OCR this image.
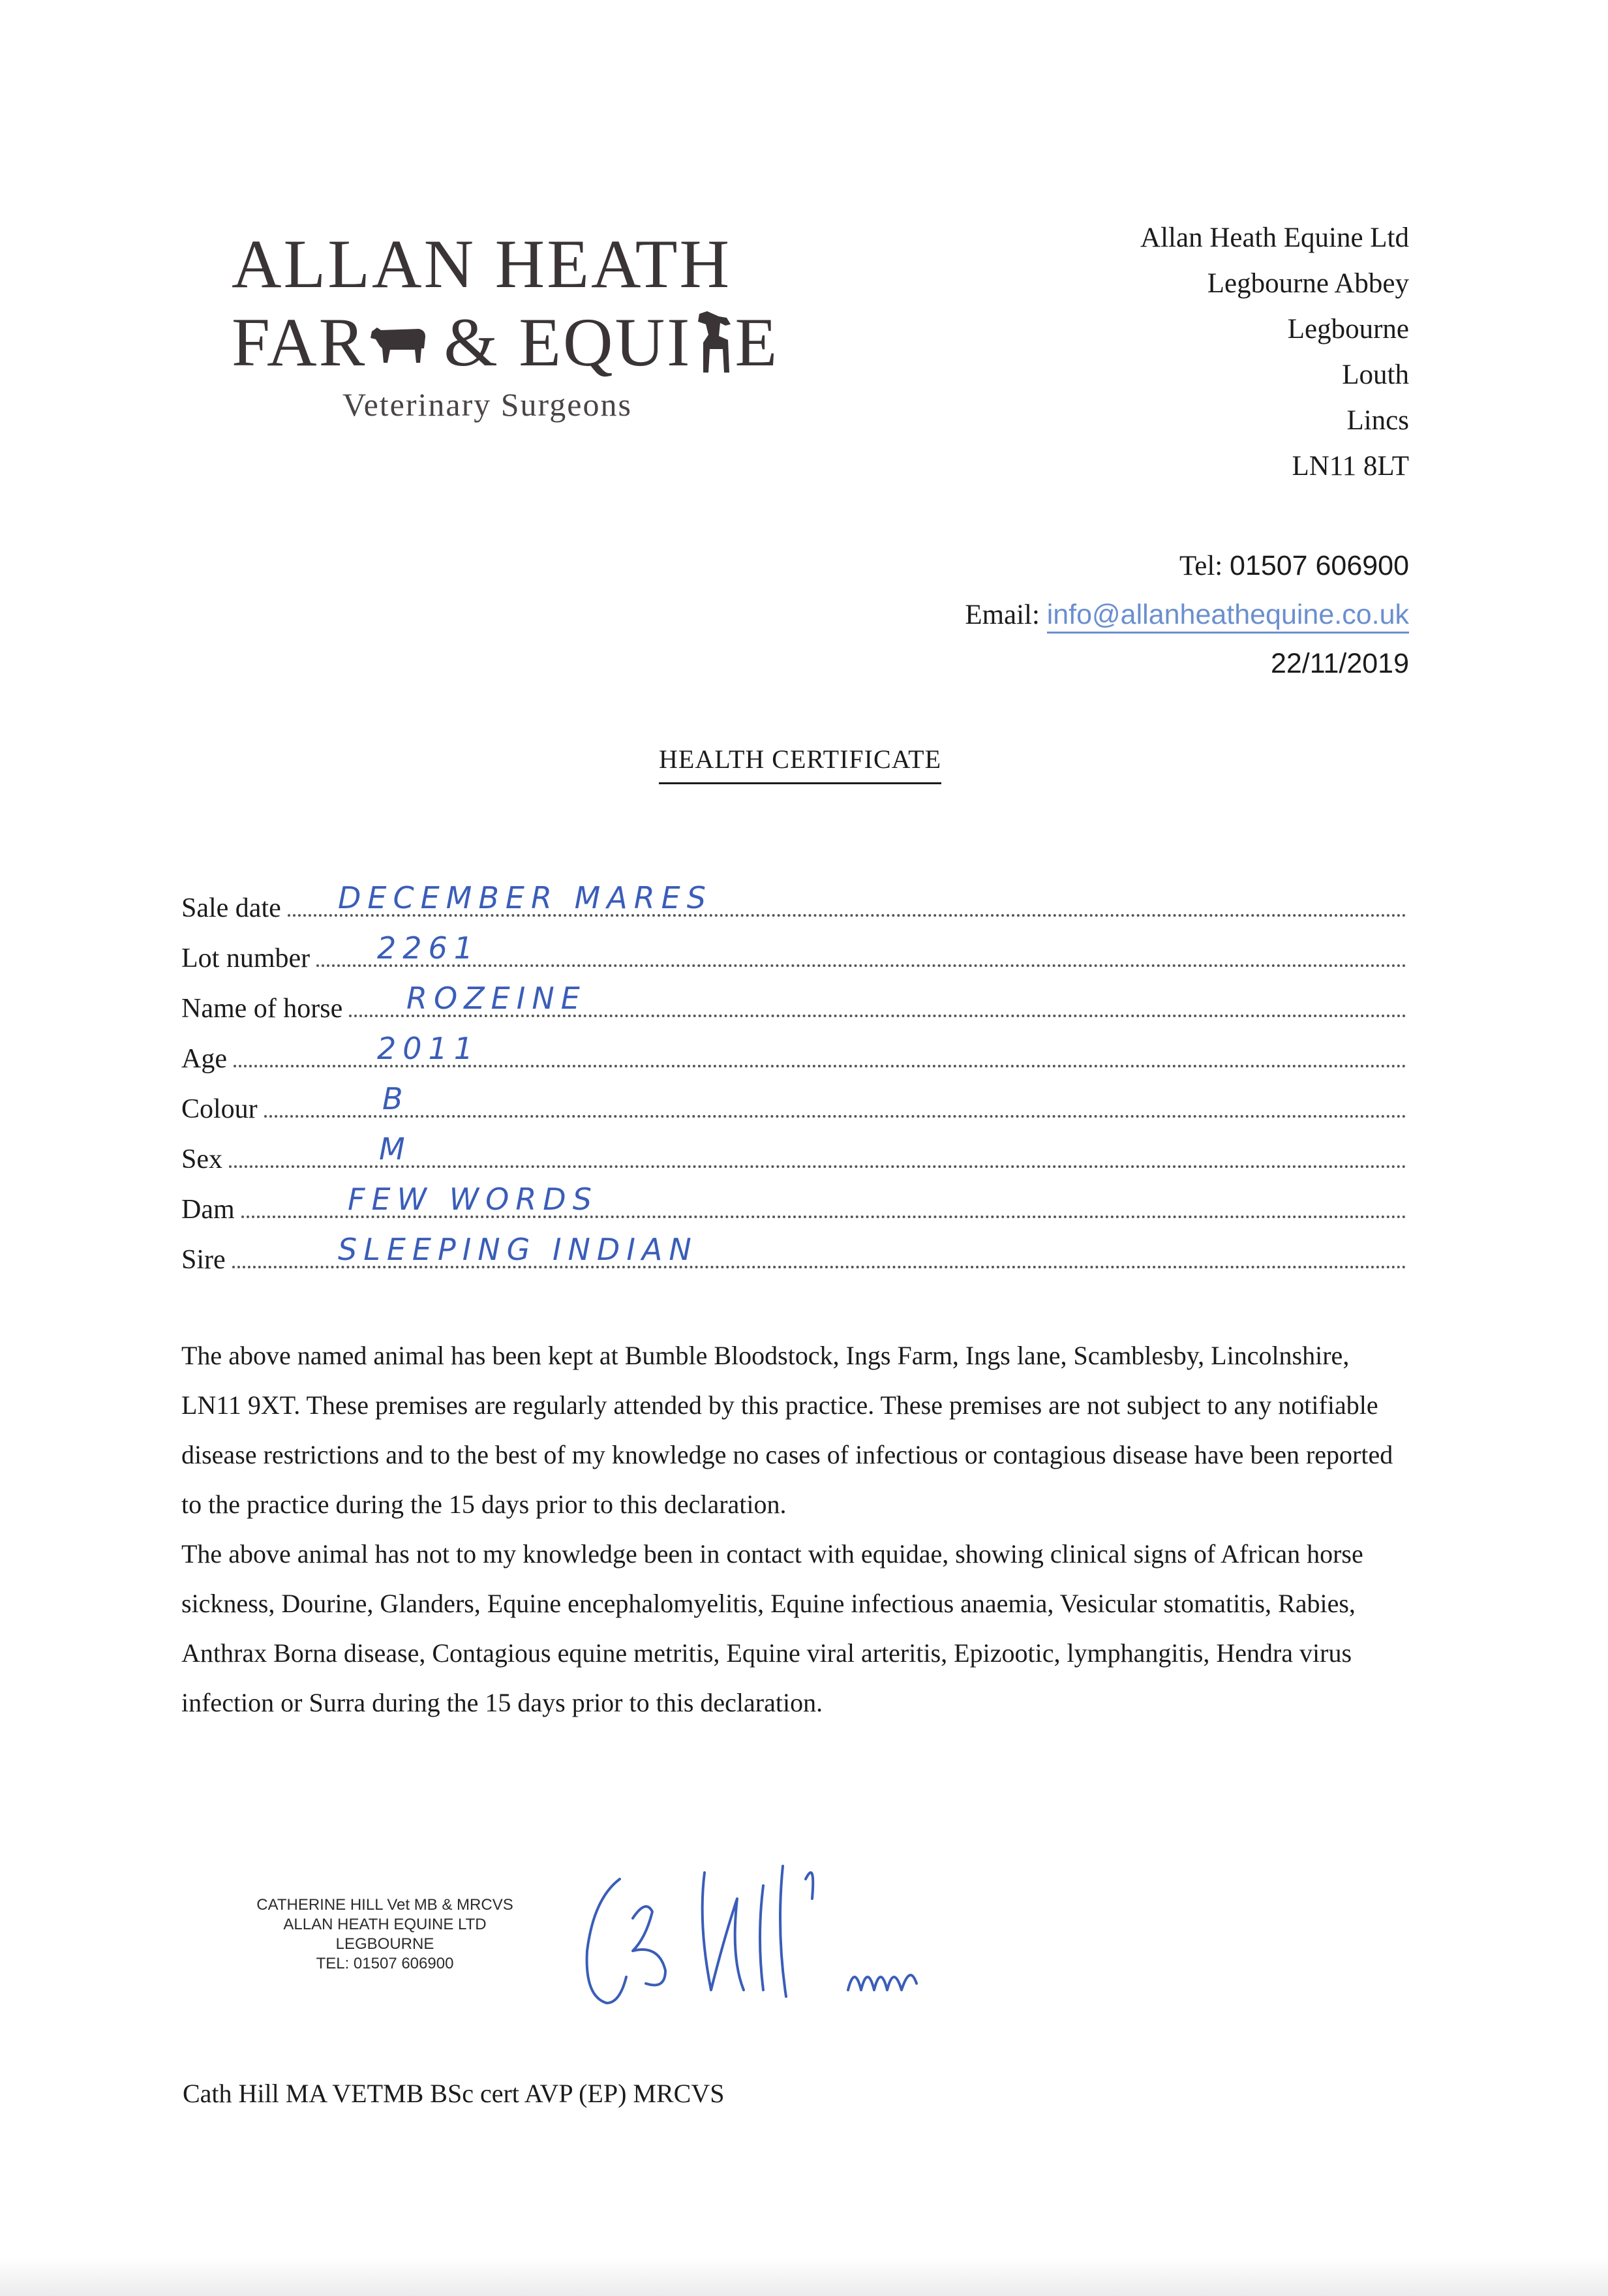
ALLAN HEATH
FAR & EQUI E
Veterinary Surgeons
Allan Heath Equine Ltd
Legbourne Abbey
Legbourne
Louth
Lincs
LN11 8LT
Tel: 01507 606900
Email: info@allanheathequine.co.uk
22/11/2019
HEALTH CERTIFICATE
Sale date DECEMBER MARES
Lot number 2261
Name of horse ROZEINE
Age	2011
Colour	B
Sex	M
Dam	FEW WORDS
Sire	SLEEPING INDIAN

The above named animal has been kept at Bumble Bloodstock, Ings Farm, Ings lane, Scamblesby, Lincolnshire, LN11 9XT. These premises are regularly attended by this practice. These premises are not subject to any notifiable disease restrictions and to the best of my knowledge no cases of infectious or contagious disease have been reported to the practice during the 15 days prior to this declaration.

The above animal has not to my knowledge been in contact with equidae, showing clinical signs of African horse sickness, Dourine, Glanders, Equine encephalomyelitis, Equine infectious anaemia, Vesicular stomatitis, Rabies, Anthrax Borna disease, Contagious equine metritis, Equine viral arteritis, Epizootic, lymphangitis, Hendra virus infection or Surra during the 15 days prior to this declaration.

CATHERINE HILL Vet MB & MRCVS
ALLAN HEATH EQUINE LTD
LEGBOURNE
TEL: 01507 606900
Cath Hill MA VETMB BSc cert AVP (EP) MRCVS
